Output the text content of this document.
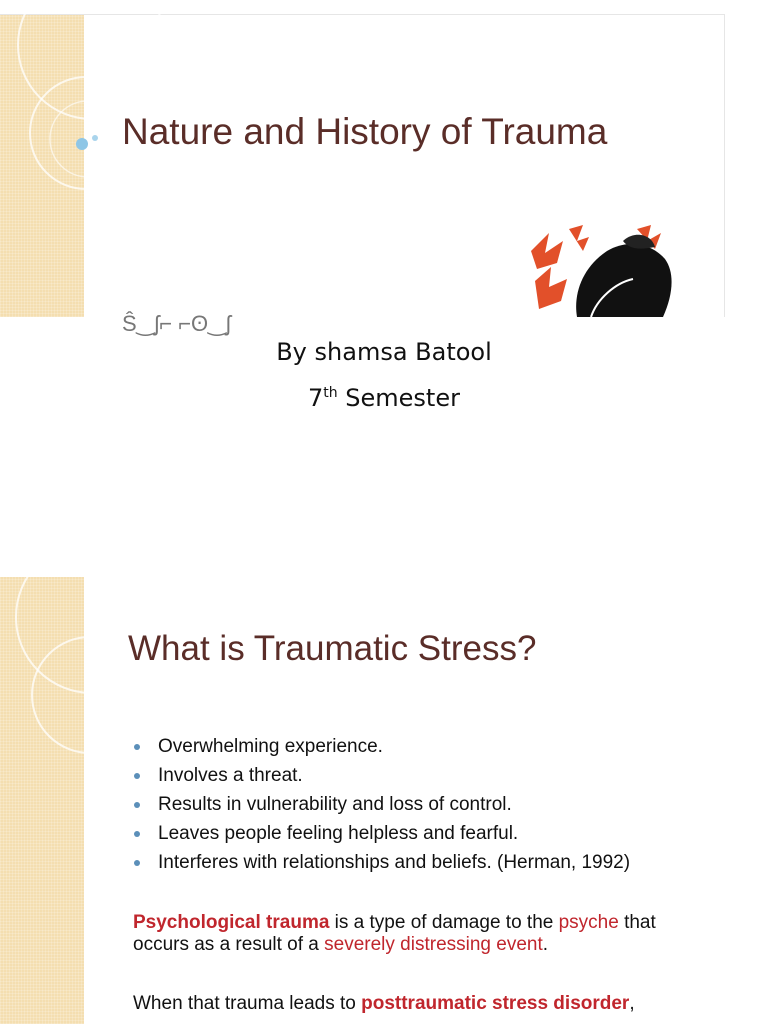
Nature and History of Trauma
Ŝ‿ʃ⌐ ⌐ʘ‿ʃ
By shamsa Batool
7th Semester
What is Traumatic Stress?
Overwhelming experience.
Involves a threat.
Results in vulnerability and loss of control.
Leaves people feeling helpless and fearful.
Interferes with relationships and beliefs. (Herman, 1992)

Psychological trauma is a type of damage to the psyche that
occurs as a result of a severely distressing event.

When that trauma leads to posttraumatic stress disorder,
